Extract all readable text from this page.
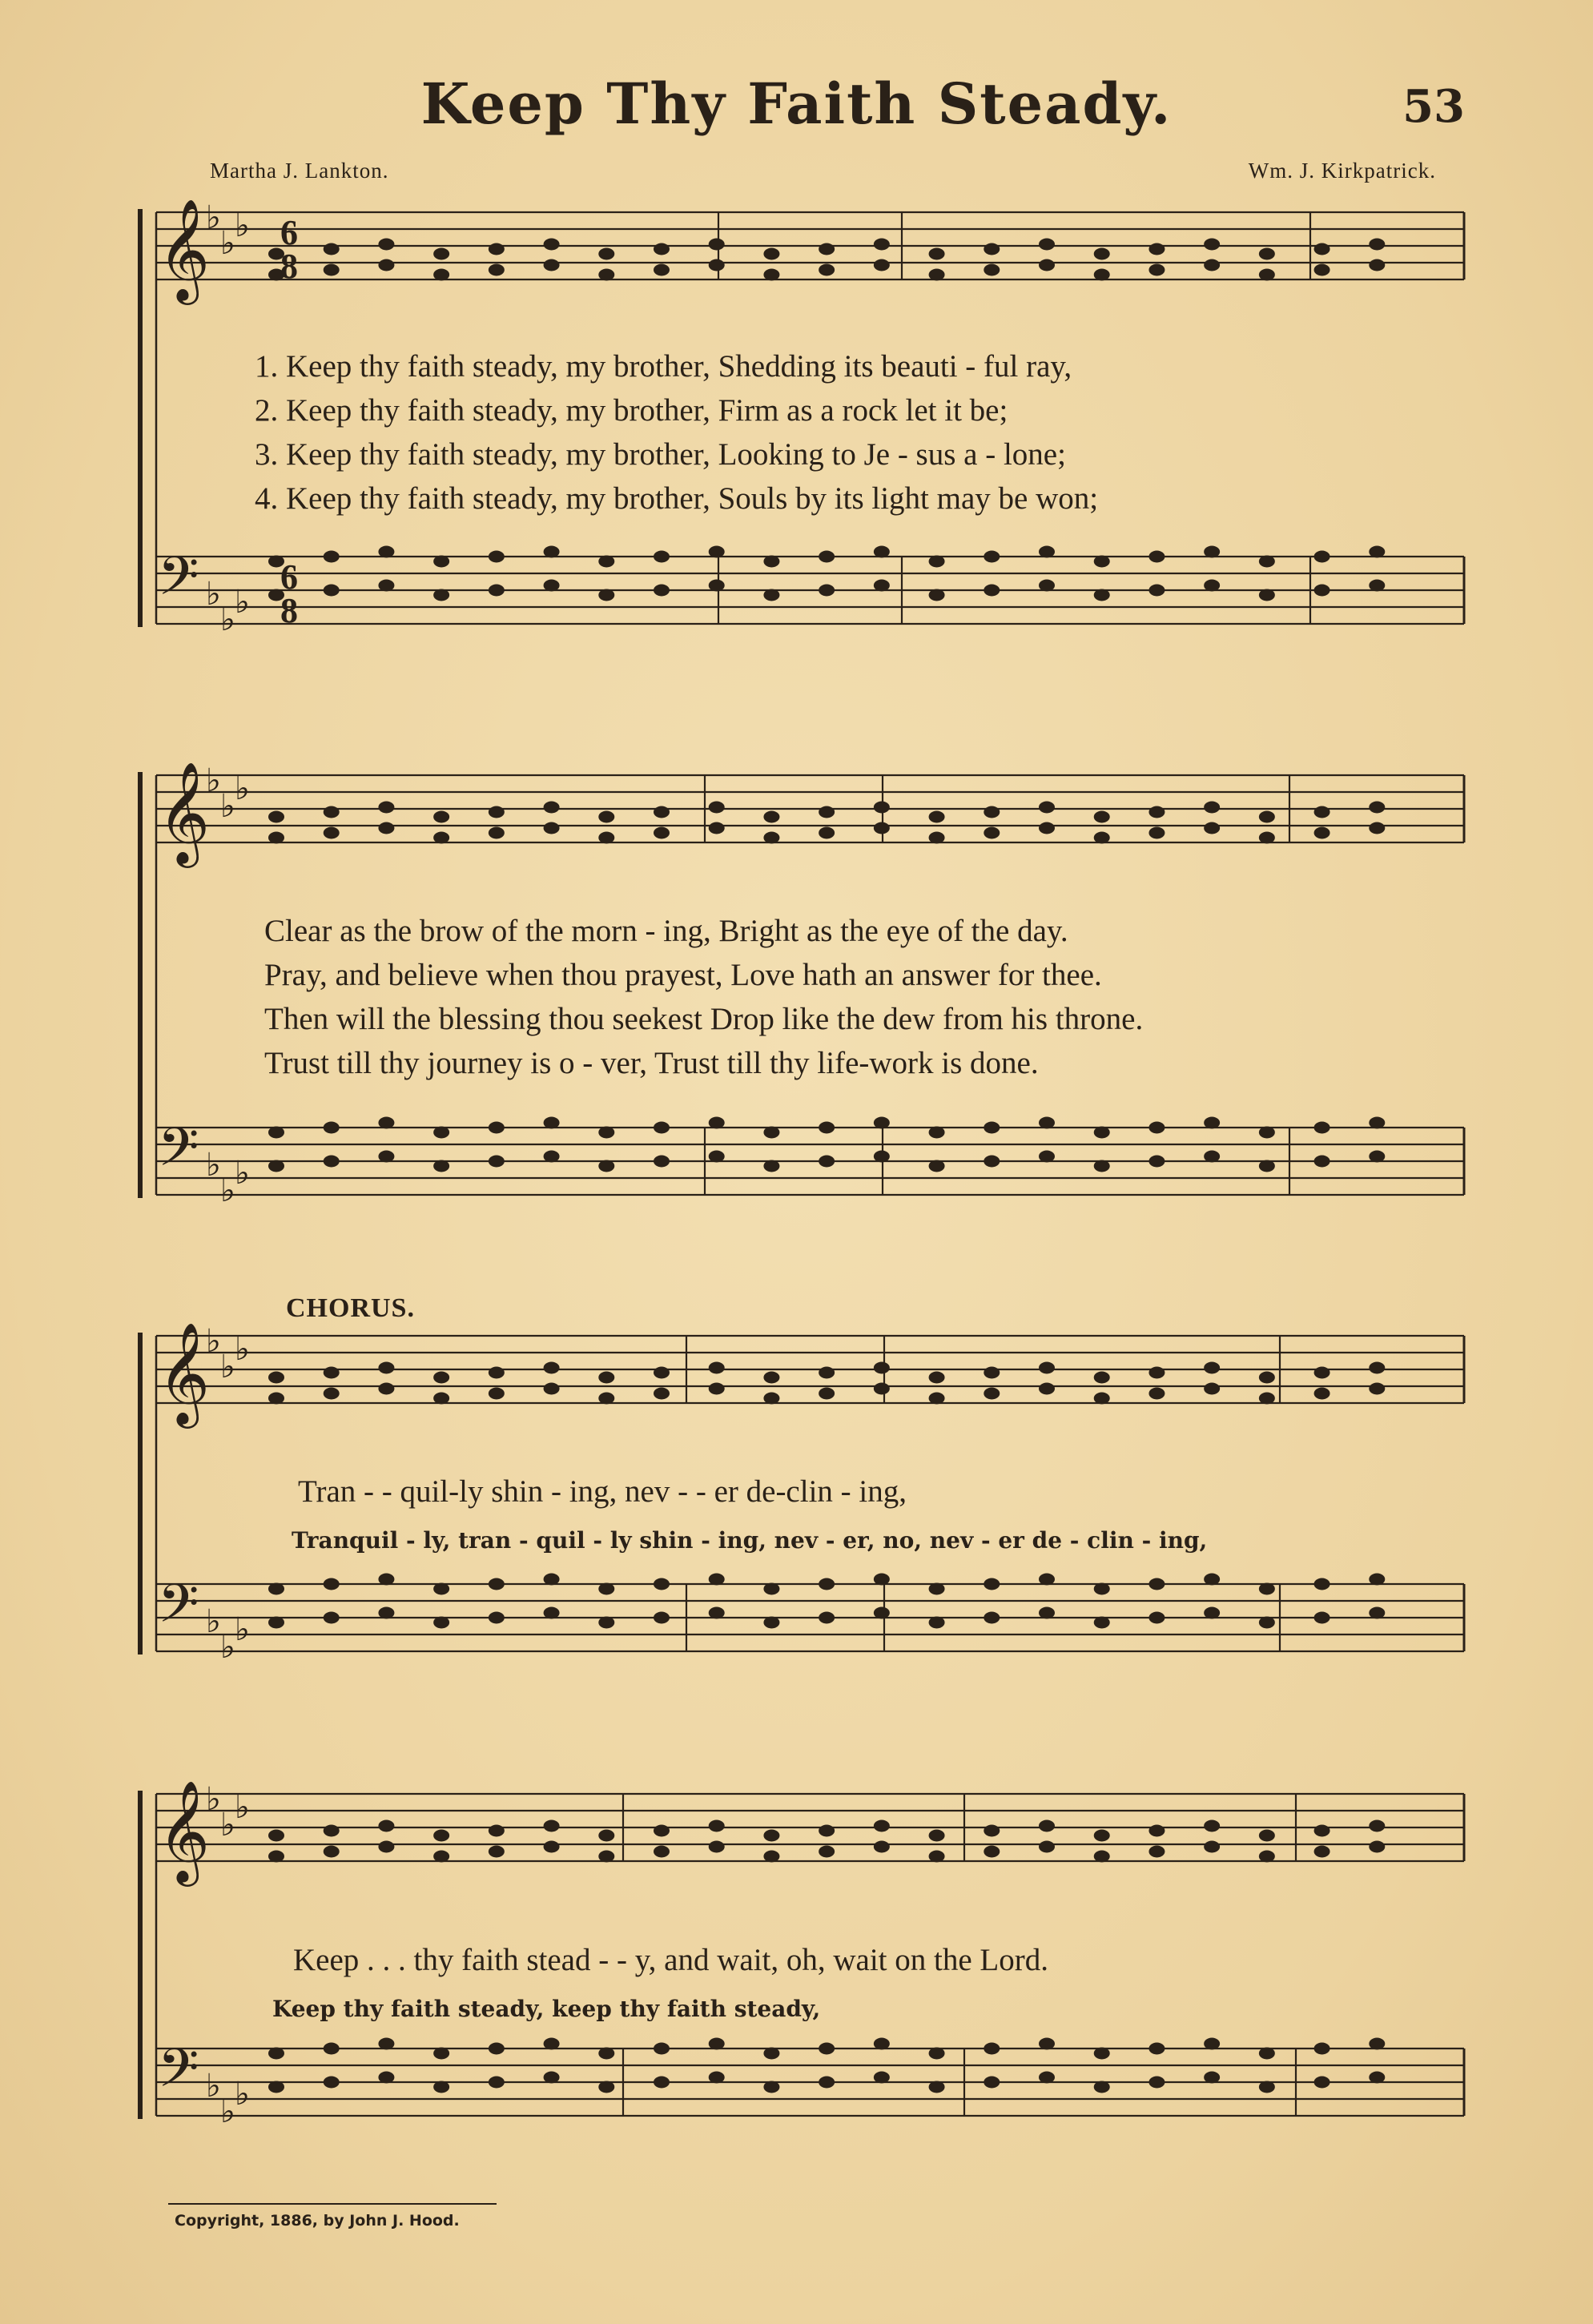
Keep Thy Faith Steady.	53
Martha J. Lankton.	Wm. J. Kirkpatrick.
𝄞
♭
♭ ♭
𝄢 ♭
♭ ♭
𝄞
♭
♭ ♭
𝄢 ♭
♭ ♭
𝄞
♭
♭ ♭
𝄢 ♭
♭ ♭
𝄞
♭
♭ ♭
𝄢 ♭
♭ ♭
6
8
6
8
1. Keep thy faith steady, my brother, Shedding its beauti - ful ray,
2. Keep thy faith steady, my brother, Firm as a rock let it be;
3. Keep thy faith steady, my brother, Looking to Je - sus a - lone;
4. Keep thy faith steady, my brother, Souls by its light may be won;
Clear as the brow of the morn - ing, Bright as the eye of the day.
Pray, and believe when thou prayest, Love hath an answer for thee.
Then will the blessing thou seekest Drop like the dew from his throne.
Trust till thy journey is o - ver, Trust till thy life-work is done.
CHORUS.
Tran - - quil-ly shin - ing, nev - - er de-clin - ing,
Tranquil - ly, tran - quil - ly shin - ing, nev - er, no, nev - er de - clin - ing,
Keep . . . thy faith stead - - y, and wait, oh, wait on the Lord.
Keep thy faith steady, keep thy faith steady,
Copyright, 1886, by John J. Hood.
